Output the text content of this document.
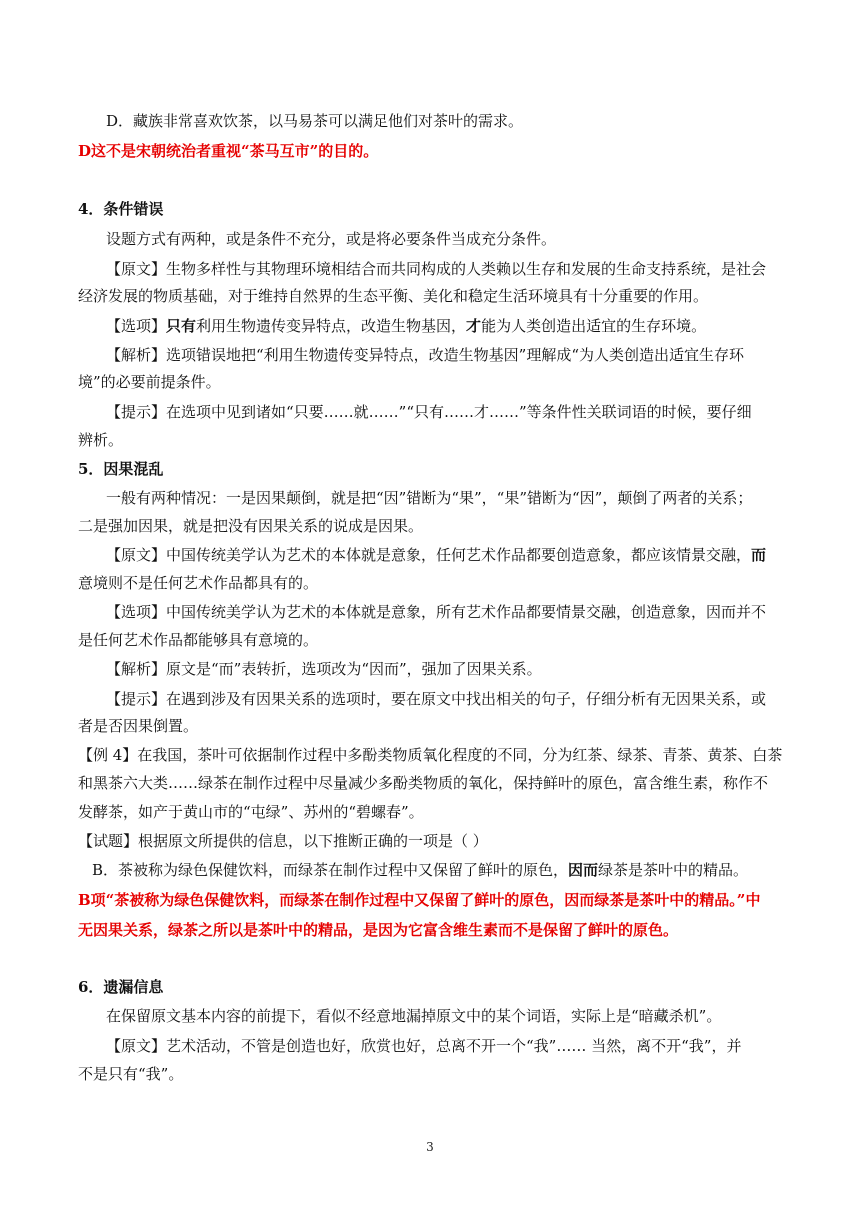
D．藏族非常喜欢饮茶，以马易茶可以满足他们对茶叶的需求。
D这不是宋朝统治者重视“茶马互市”的目的。
4．条件错误
设题方式有两种，或是条件不充分，或是将必要条件当成充分条件。
【原文】生物多样性与其物理环境相结合而共同构成的人类赖以生存和发展的生命支持系统，是社会
经济发展的物质基础，对于维持自然界的生态平衡、美化和稳定生活环境具有十分重要的作用。
【选项】只有利用生物遗传变异特点，改造生物基因，才能为人类创造出适宜的生存环境。
【解析】选项错误地把“利用生物遗传变异特点，改造生物基因”理解成“为人类创造出适宜生存环
境”的必要前提条件。
【提示】在选项中见到诸如“只要……就……”“只有……才……”等条件性关联词语的时候，要仔细
辨析。
5．因果混乱
一般有两种情况：一是因果颠倒，就是把“因”错断为“果”，“果”错断为“因”，颠倒了两者的关系；
二是强加因果，就是把没有因果关系的说成是因果。
【原文】中国传统美学认为艺术的本体就是意象，任何艺术作品都要创造意象，都应该情景交融，而
意境则不是任何艺术作品都具有的。
【选项】中国传统美学认为艺术的本体就是意象，所有艺术作品都要情景交融，创造意象，因而并不
是任何艺术作品都能够具有意境的。
【解析】原文是“而”表转折，选项改为“因而”，强加了因果关系。
【提示】在遇到涉及有因果关系的选项时，要在原文中找出相关的句子，仔细分析有无因果关系，或
者是否因果倒置。
【例 4】在我国，茶叶可依据制作过程中多酚类物质氧化程度的不同，分为红茶、绿茶、青茶、黄茶、白茶
和黑茶六大类……绿茶在制作过程中尽量减少多酚类物质的氧化，保持鲜叶的原色，富含维生素，称作不
发酵茶，如产于黄山市的“屯绿”、苏州的“碧螺春”。
【试题】根据原文所提供的信息，以下推断正确的一项是（ ）
B．茶被称为绿色保健饮料，而绿茶在制作过程中又保留了鲜叶的原色，因而绿茶是茶叶中的精品。
B项“茶被称为绿色保健饮料，而绿茶在制作过程中又保留了鲜叶的原色，因而绿茶是茶叶中的精品。”中
无因果关系，绿茶之所以是茶叶中的精品，是因为它富含维生素而不是保留了鲜叶的原色。
6．遗漏信息
在保留原文基本内容的前提下，看似不经意地漏掉原文中的某个词语，实际上是“暗藏杀机”。
【原文】艺术活动，不管是创造也好，欣赏也好，总离不开一个“我”…… 当然，离不开“我”，并
不是只有“我”。
3
